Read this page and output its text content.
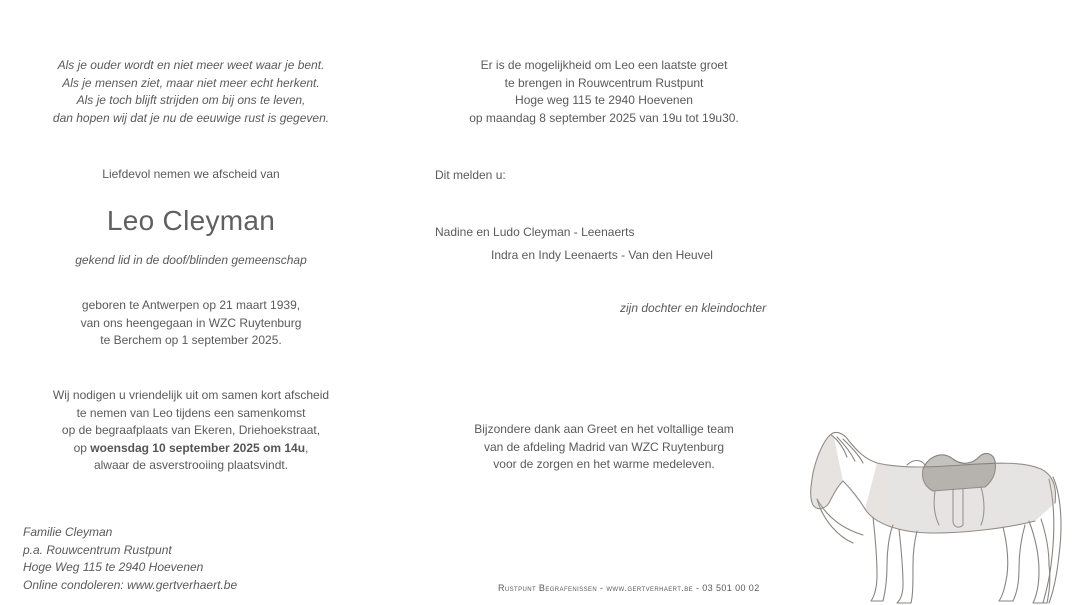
Als je ouder wordt en niet meer weet waar je bent.
Als je mensen ziet, maar niet meer echt herkent.
Als je toch blijft strijden om bij ons te leven,
dan hopen wij dat je nu de eeuwige rust is gegeven.
Liefdevol nemen we afscheid van
Leo Cleyman
gekend lid in de doof/blinden gemeenschap
geboren te Antwerpen op 21 maart 1939,
van ons heengegaan in WZC Ruytenburg
te Berchem op 1 september 2025.
Wij nodigen u vriendelijk uit om samen kort afscheid
te nemen van Leo tijdens een samenkomst
op de begraafplaats van Ekeren, Driehoekstraat,
op woensdag 10 september 2025 om 14u,
alwaar de asverstrooiing plaatsvindt.
Familie Cleyman
p.a. Rouwcentrum Rustpunt
Hoge Weg 115 te 2940 Hoevenen
Online condoleren: www.gertverhaert.be
Er is de mogelijkheid om Leo een laatste groet
te brengen in Rouwcentrum Rustpunt
Hoge weg 115 te 2940 Hoevenen
op maandag 8 september 2025 van 19u tot 19u30.
Dit melden u:
Nadine en Ludo Cleyman - Leenaerts
Indra en Indy Leenaerts - Van den Heuvel
zijn dochter en kleindochter
Bijzondere dank aan Greet en het voltallige team
van de afdeling Madrid van WZC Ruytenburg
voor de zorgen en het warme medeleven.
Rustpunt Begrafenissen - www.gertverhaert.be - 03 501 00 02
